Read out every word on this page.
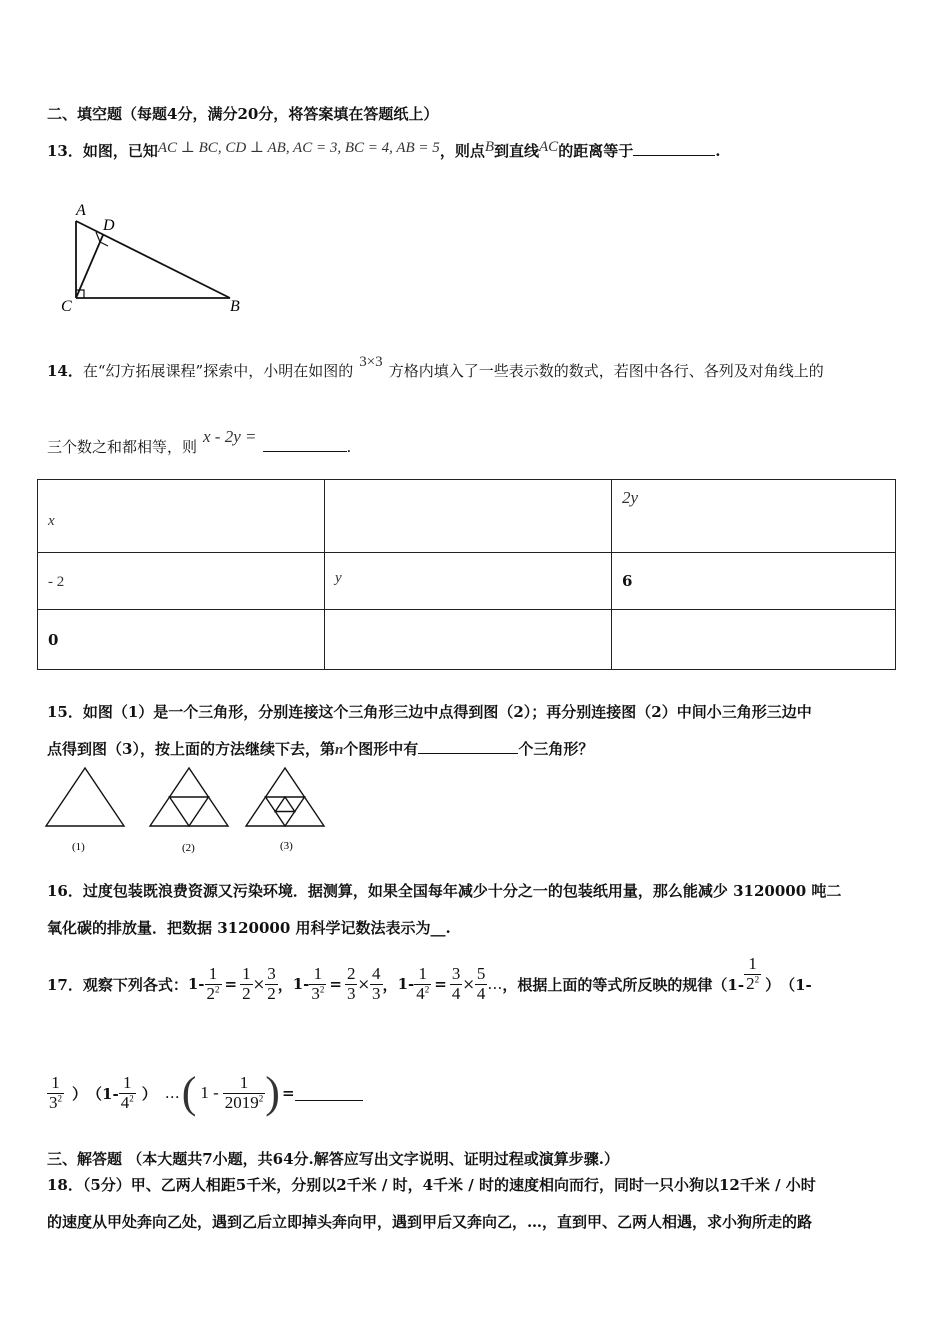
二、填空题（每题4分，满分20分，将答案填在答题纸上）
13．如图，已知AC ⊥ BC, CD ⊥ AB, AC = 3, BC = 4, AB = 5，则点B到直线AC的距离等于	.
A
D
C	B
14．在“幻方拓展课程”探索中，小明在如图的 3×3 方格内填入了一些表示数的数式，若图中各行、各列及对角线上的
三个数之和都相等，则x - 2y =.
x		2y
- 2	y	6
0		
15．如图（1）是一个三角形，分别连接这个三角形三边中点得到图（2）；再分别连接图（2）中间小三角形三边中
点得到图（3），按上面的方法继续下去，第n个图形中有	个三角形？
(1)	(2)	(3)
16．过度包装既浪费资源又污染环境．据测算，如果全国每年减少十分之一的包装纸用量，那么能减少 3120000 吨二
氧化碳的排放量．把数据 3120000 用科学记数法表示为__.
17．观察下列各式： $1- \frac{1}{2^2} = \frac{1}{2} \times \frac{3}{2}$ ， $1- \frac{1}{3^2} = \frac{2}{3} \times \frac{4}{3}$ ， $1- \frac{1}{4^2} = \frac{3}{4} \times \frac{5}{4}$ … ，根据上面的等式所反映的规律（$1- \frac{1}{2^2}$ ） （1-
$\frac{1}{3^2}$ ） （$1- \frac{1}{4^2}$ ） … ( $1 - \frac{1}{2019^2}$ ) =
三、解答题 （本大题共7小题，共64分.解答应写出文字说明、证明过程或演算步骤.）
18．（5分）甲、乙两人相距5千米，分别以2千米 / 时，4千米 / 时的速度相向而行，同时一只小狗以12千米 / 小时
的速度从甲处奔向乙处，遇到乙后立即掉头奔向甲，遇到甲后又奔向乙，…，直到甲、乙两人相遇，求小狗所走的路
